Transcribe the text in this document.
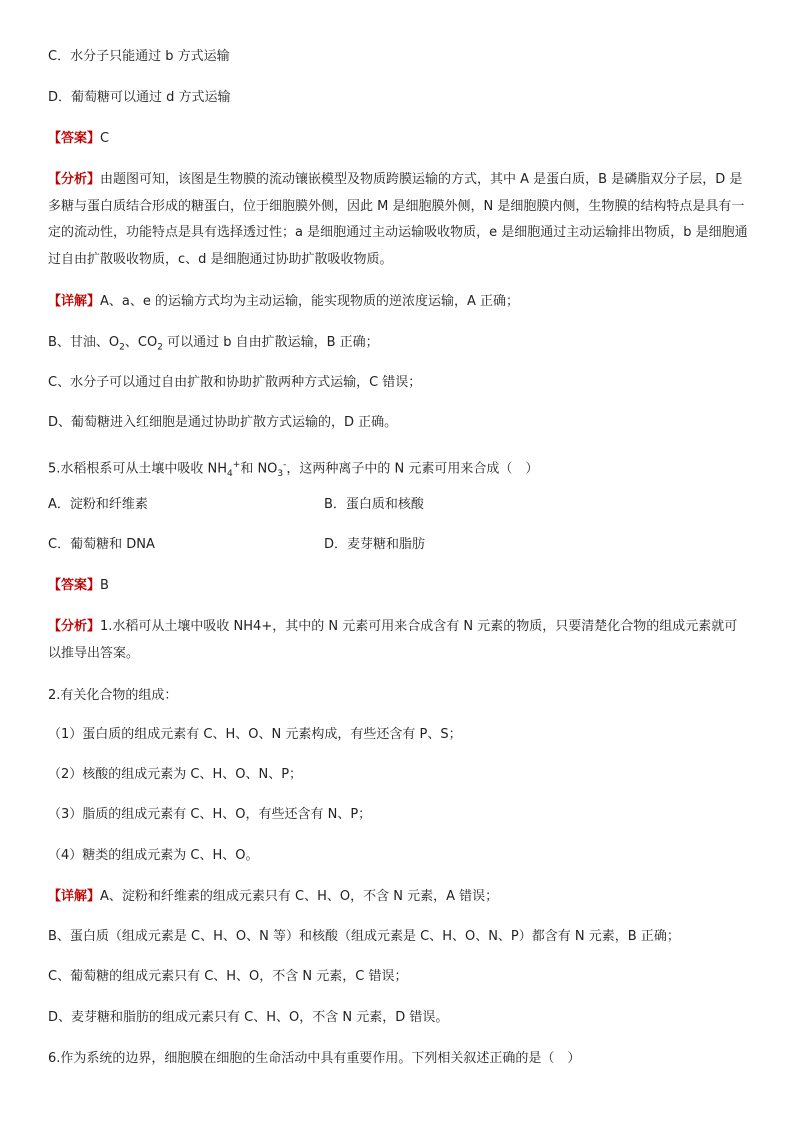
C．水分子只能通过 b 方式运输
D．葡萄糖可以通过 d 方式运输
【答案】C
【分析】由题图可知，该图是生物膜的流动镶嵌模型及物质跨膜运输的方式，其中 A 是蛋白质，B 是磷脂双分子层，D 是多糖与蛋白质结合形成的糖蛋白，位于细胞膜外侧，因此 M 是细胞膜外侧，N 是细胞膜内侧，生物膜的结构特点是具有一定的流动性，功能特点是具有选择透过性；a 是细胞通过主动运输吸收物质，e 是细胞通过主动运输排出物质，b 是细胞通过自由扩散吸收物质，c、d 是细胞通过协助扩散吸收物质。
【详解】A、a、e 的运输方式均为主动运输，能实现物质的逆浓度运输，A 正确；
B、甘油、$O_2$、$CO_2$ 可以通过 b 自由扩散运输，B 正确；
C、水分子可以通过自由扩散和协助扩散两种方式运输，C 错误；
D、葡萄糖进入红细胞是通过协助扩散方式运输的，D 正确。
5.水稻根系可从土壤中吸收 $NH_4^+$和 $NO_3^-$，这两种离子中的 N 元素可用来合成（　）
A．淀粉和纤维素	B．蛋白质和核酸
C．葡萄糖和 DNA	D．麦芽糖和脂肪
【答案】B
【分析】1.水稻可从土壤中吸收 NH4+，其中的 N 元素可用来合成含有 N 元素的物质，只要清楚化合物的组成元素就可以推导出答案。
2.有关化合物的组成：
（1）蛋白质的组成元素有 C、H、O、N 元素构成，有些还含有 P、S；
（2）核酸的组成元素为 C、H、O、N、P；
（3）脂质的组成元素有 C、H、O，有些还含有 N、P；
（4）糖类的组成元素为 C、H、O。
【详解】A、淀粉和纤维素的组成元素只有 C、H、O，不含 N 元素，A 错误；
B、蛋白质（组成元素是 C、H、O、N 等）和核酸（组成元素是 C、H、O、N、P）都含有 N 元素，B 正确；
C、葡萄糖的组成元素只有 C、H、O，不含 N 元素，C 错误；
D、麦芽糖和脂肪的组成元素只有 C、H、O，不含 N 元素，D 错误。
6.作为系统的边界，细胞膜在细胞的生命活动中具有重要作用。下列相关叙述正确的是（　）
